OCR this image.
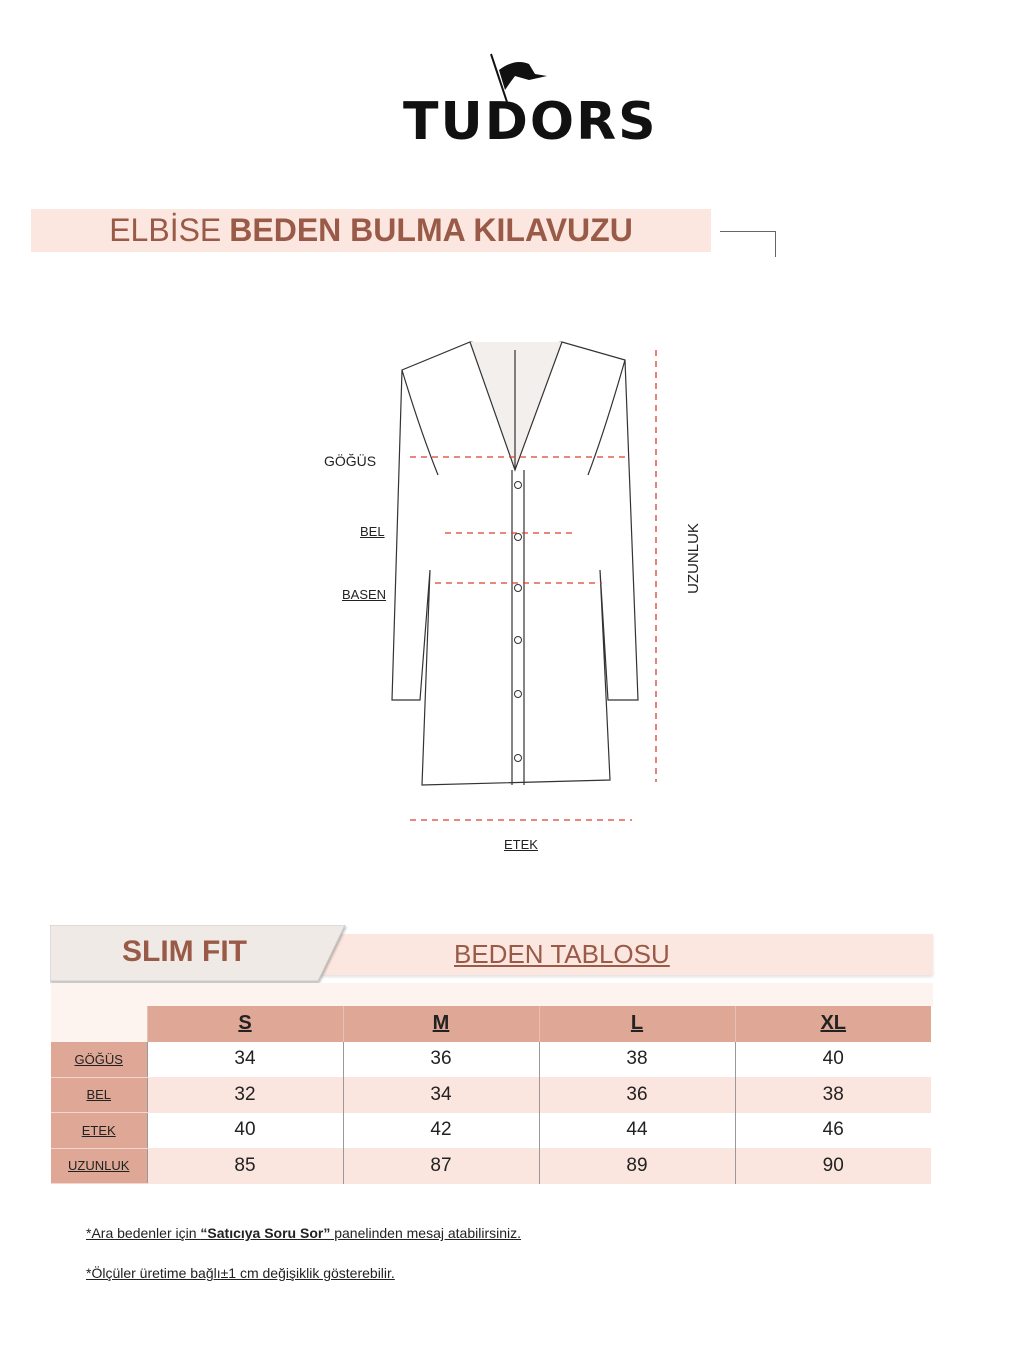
TUDORS
ELBİSE BEDEN BULMA KILAVUZU
GÖĞÜS
BEL
BASEN
UZUNLUK
ETEK
BEDEN TABLOSU
SLIM FIT
	S	M	L	XL
GÖĞÜS	34	36	38	40
BEL	32	34	36	38
ETEK	40	42	44	46
UZUNLUK	85	87	89	90
*Ara bedenler için “Satıcıya Soru Sor” panelinden mesaj atabilirsiniz.
*Ölçüler üretime bağlı±1 cm değişiklik gösterebilir.
